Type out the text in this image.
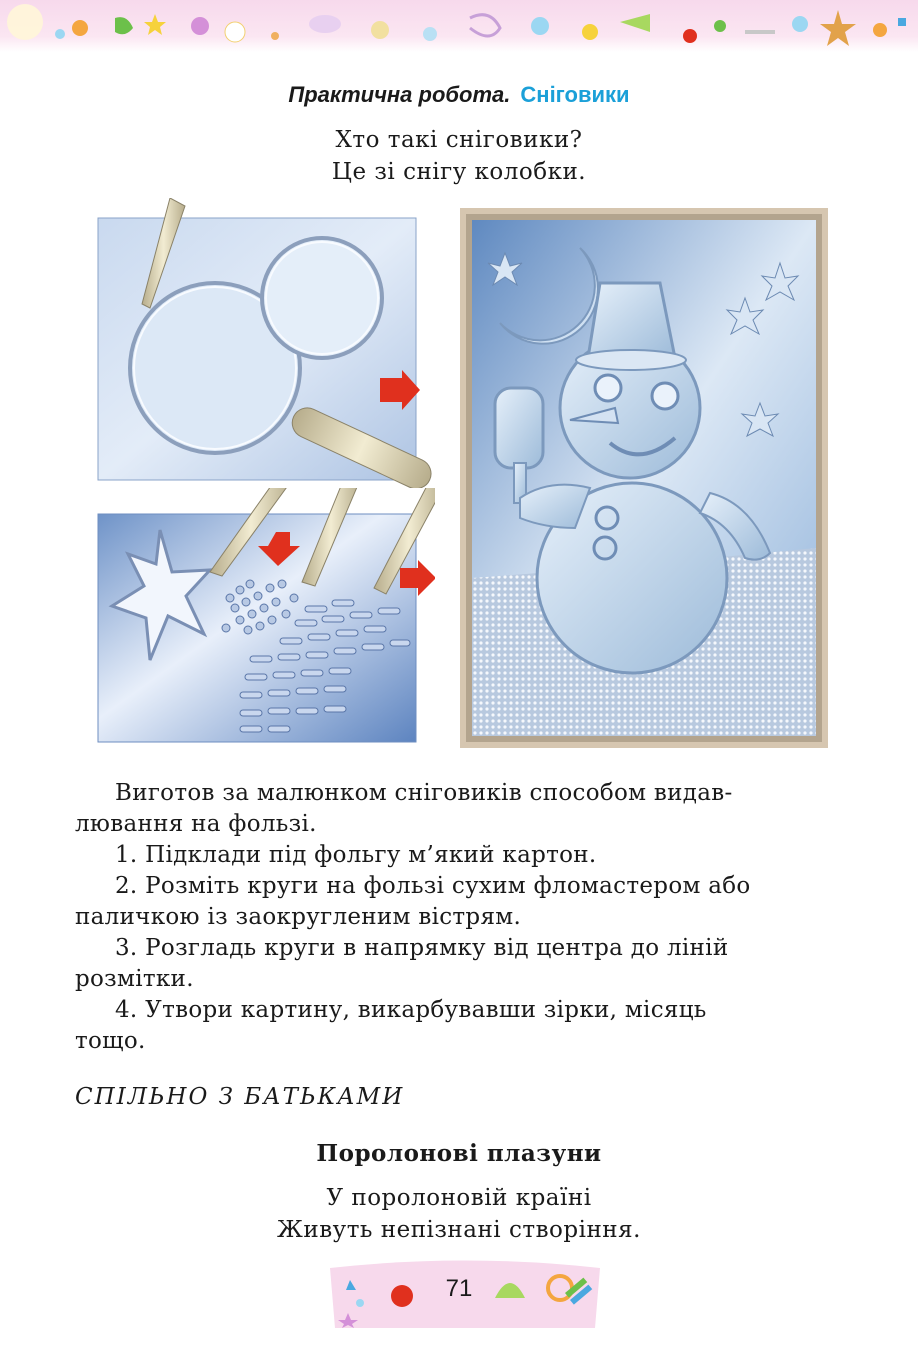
Практична робота. Сніговики
Хто такі сніговики?
Це зі снігу колобки.

Виготов за малюнком сніговиків способом видав-

лювання на фользі.

1. Підклади під фольгу м’який картон.

2. Розміть круги на фользі сухим фломастером або

паличкою із заокругленим вістрям.

3. Розгладь круги в напрямку від центра до ліній

розмітки.

4. Утвори картину, викарбувавши зірки, місяць

тощо.

СПІЛЬНО З БАТЬКАМИ
Поролонові плазуни
У поролоновій країні
Живуть непізнані створіння.
71
